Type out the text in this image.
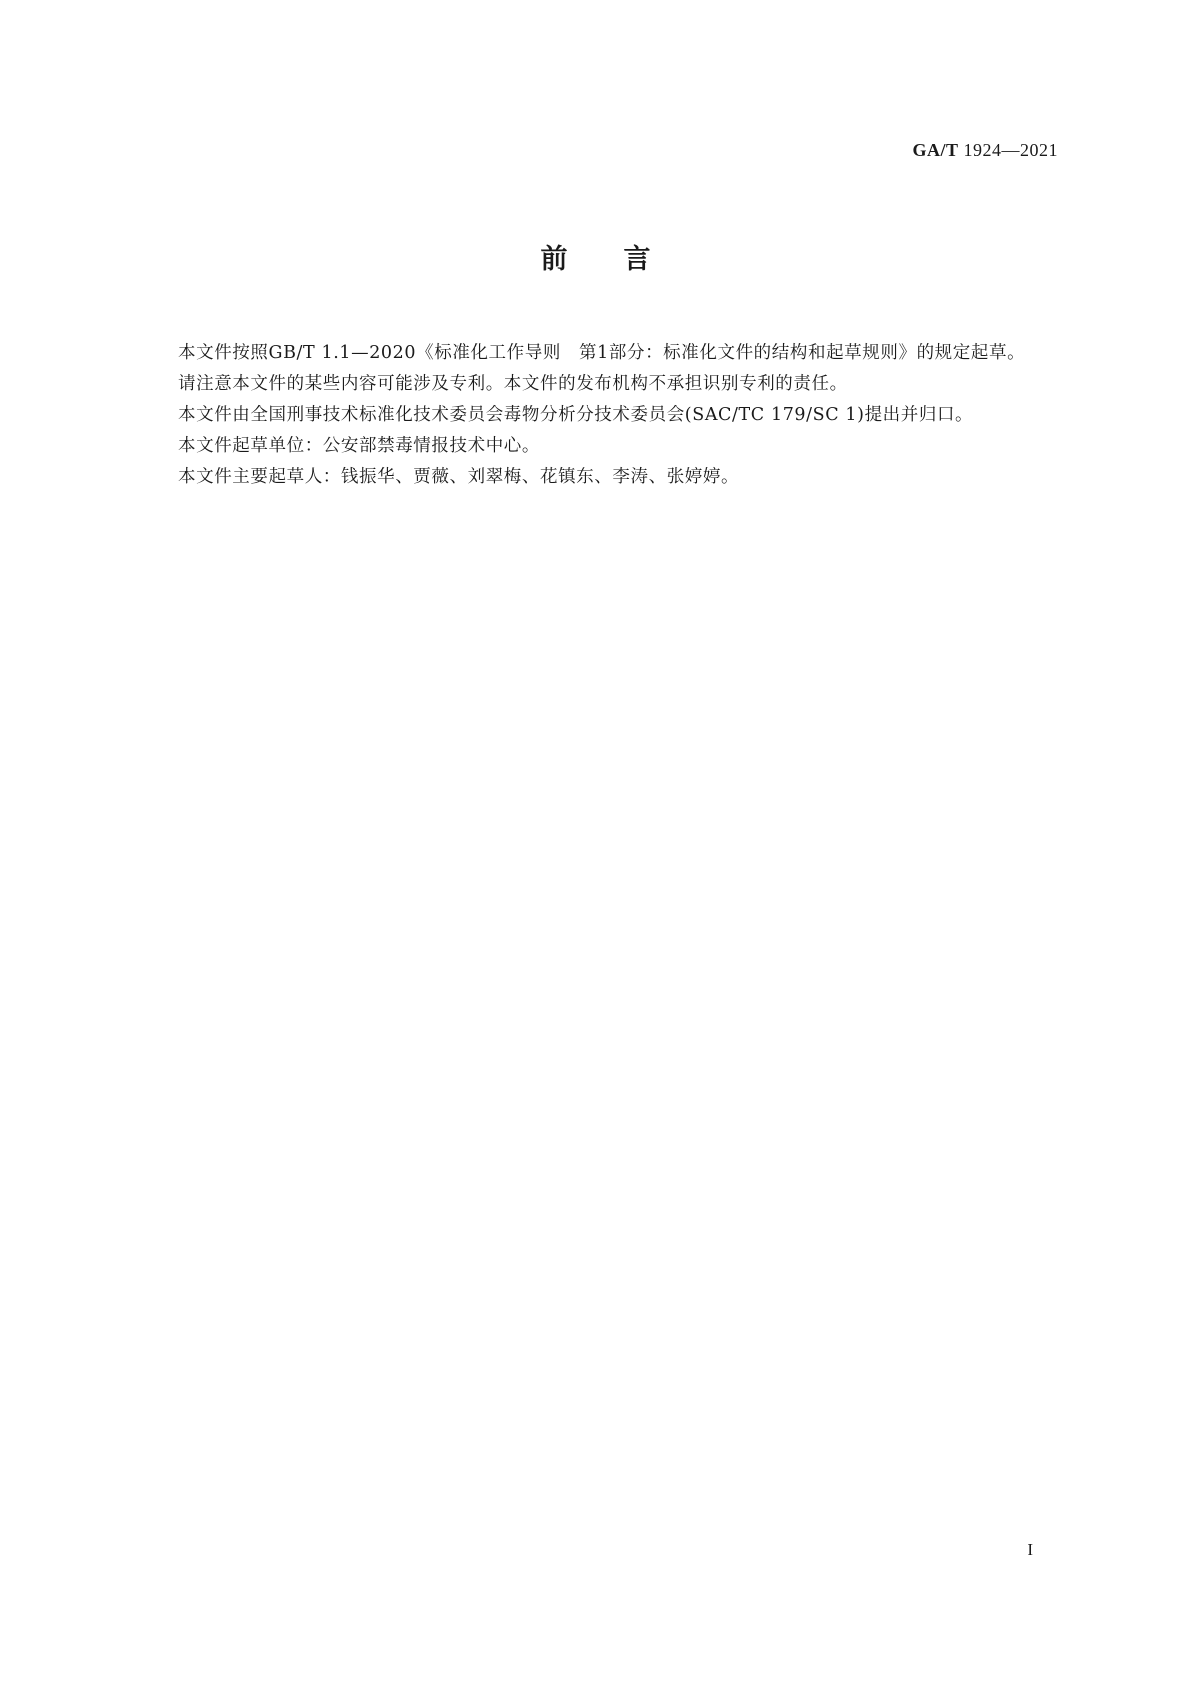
GA/T 1924—2021
前言

本文件按照GB/T 1.1—2020《标准化工作导则　第1部分：标准化文件的结构和起草规则》的规定起草。

请注意本文件的某些内容可能涉及专利。本文件的发布机构不承担识别专利的责任。

本文件由全国刑事技术标准化技术委员会毒物分析分技术委员会(SAC/TC 179/SC 1)提出并归口。

本文件起草单位：公安部禁毒情报技术中心。

本文件主要起草人：钱振华、贾薇、刘翠梅、花镇东、李涛、张婷婷。

I
